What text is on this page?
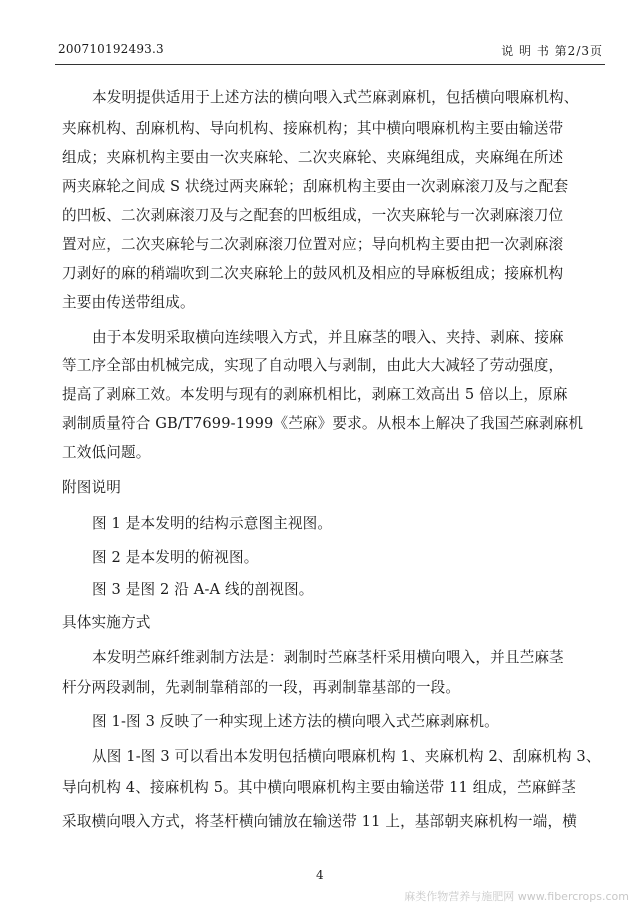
200710192493.3	说 明 书 第2/3页
本发明提供适用于上述方法的横向喂入式苎麻剥麻机，包括横向喂麻机构、
夹麻机构、刮麻机构、导向机构、接麻机构；其中横向喂麻机构主要由输送带
组成；夹麻机构主要由一次夹麻轮、二次夹麻轮、夹麻绳组成，夹麻绳在所述
两夹麻轮之间成 S 状绕过两夹麻轮；刮麻机构主要由一次剥麻滚刀及与之配套
的凹板、二次剥麻滚刀及与之配套的凹板组成，一次夹麻轮与一次剥麻滚刀位
置对应，二次夹麻轮与二次剥麻滚刀位置对应；导向机构主要由把一次剥麻滚
刀剥好的麻的稍端吹到二次夹麻轮上的鼓风机及相应的导麻板组成；接麻机构
主要由传送带组成。
由于本发明采取横向连续喂入方式，并且麻茎的喂入、夹持、剥麻、接麻
等工序全部由机械完成，实现了自动喂入与剥制，由此大大减轻了劳动强度，
提高了剥麻工效。本发明与现有的剥麻机相比，剥麻工效高出 5 倍以上，原麻
剥制质量符合 GB/T7699-1999《苎麻》要求。从根本上解决了我国苎麻剥麻机
工效低问题。
附图说明
图 1 是本发明的结构示意图主视图。
图 2 是本发明的俯视图。
图 3 是图 2 沿 A-A 线的剖视图。
具体实施方式
本发明苎麻纤维剥制方法是：剥制时苎麻茎杆采用横向喂入，并且苎麻茎
杆分两段剥制，先剥制靠稍部的一段，再剥制靠基部的一段。
图 1-图 3 反映了一种实现上述方法的横向喂入式苎麻剥麻机。
从图 1-图 3 可以看出本发明包括横向喂麻机构 1、夹麻机构 2、刮麻机构 3、
导向机构 4、接麻机构 5。其中横向喂麻机构主要由输送带 11 组成，苎麻鲜茎
采取横向喂入方式，将茎杆横向铺放在输送带 11 上，基部朝夹麻机构一端，横
4
麻类作物营养与施肥网 www.fibercrops.com
